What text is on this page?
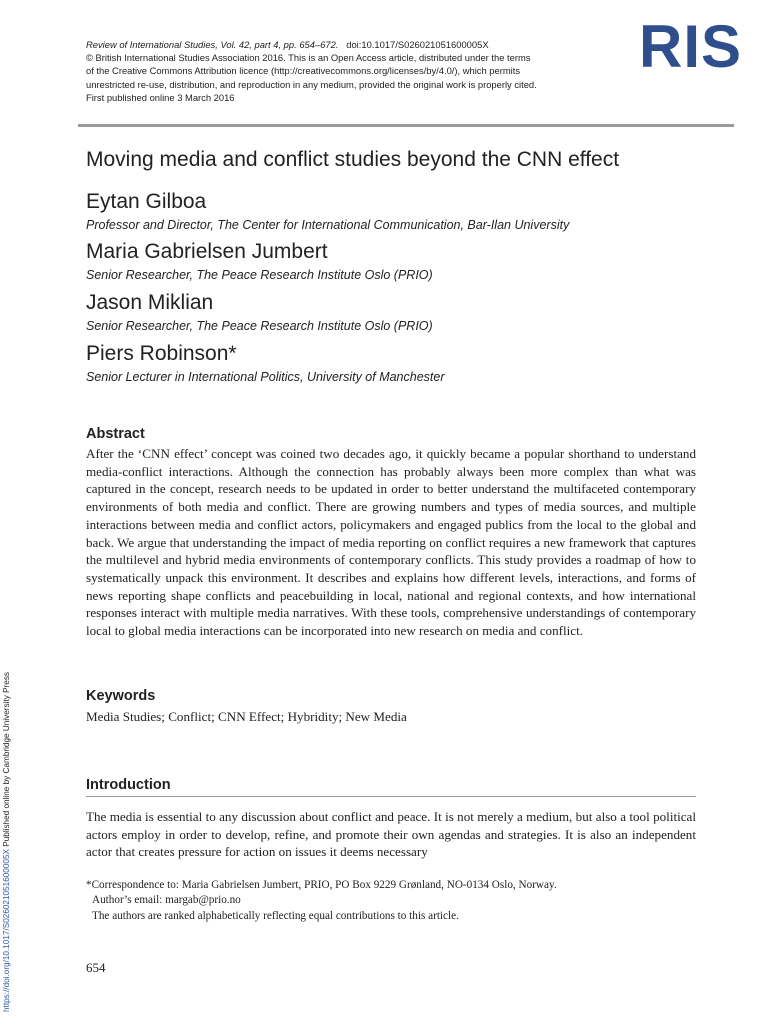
Review of International Studies, Vol. 42, part 4, pp. 654–672. doi:10.1017/S026021051600005X
© British International Studies Association 2016. This is an Open Access article, distributed under the terms
of the Creative Commons Attribution licence (http://creativecommons.org/licenses/by/4.0/), which permits
unrestricted re-use, distribution, and reproduction in any medium, provided the original work is properly cited.
First published online 3 March 2016
RIS
Moving media and conflict studies beyond the CNN effect
Eytan Gilboa
Professor and Director, The Center for International Communication, Bar-Ilan University
Maria Gabrielsen Jumbert
Senior Researcher, The Peace Research Institute Oslo (PRIO)
Jason Miklian
Senior Researcher, The Peace Research Institute Oslo (PRIO)
Piers Robinson*
Senior Lecturer in International Politics, University of Manchester
Abstract
After the ‘CNN effect’ concept was coined two decades ago, it quickly became a popular shorthand to understand media-conflict interactions. Although the connection has probably always been more complex than what was captured in the concept, research needs to be updated in order to better understand the multifaceted contemporary environments of both media and conflict. There are growing numbers and types of media sources, and multiple interactions between media and conflict actors, policymakers and engaged publics from the local to the global and back. We argue that understanding the impact of media reporting on conflict requires a new framework that captures the multilevel and hybrid media environments of contemporary conflicts. This study provides a roadmap of how to systematically unpack this environment. It describes and explains how different levels, interactions, and forms of news reporting shape conflicts and peacebuilding in local, national and regional contexts, and how international responses interact with multiple media narratives. With these tools, comprehensive understandings of contemporary local to global media interactions can be incorporated into new research on media and conflict.
Keywords
Media Studies; Conflict; CNN Effect; Hybridity; New Media
Introduction
The media is essential to any discussion about conflict and peace. It is not merely a medium, but also a tool political actors employ in order to develop, refine, and promote their own agendas and strategies. It is also an independent actor that creates pressure for action on issues it deems necessary
*Correspondence to: Maria Gabrielsen Jumbert, PRIO, PO Box 9229 Grønland, NO-0134 Oslo, Norway.
Author’s email: margab@prio.no
The authors are ranked alphabetically reflecting equal contributions to this article.
654
https://doi.org/10.1017/S026021051600005X Published online by Cambridge University Press
